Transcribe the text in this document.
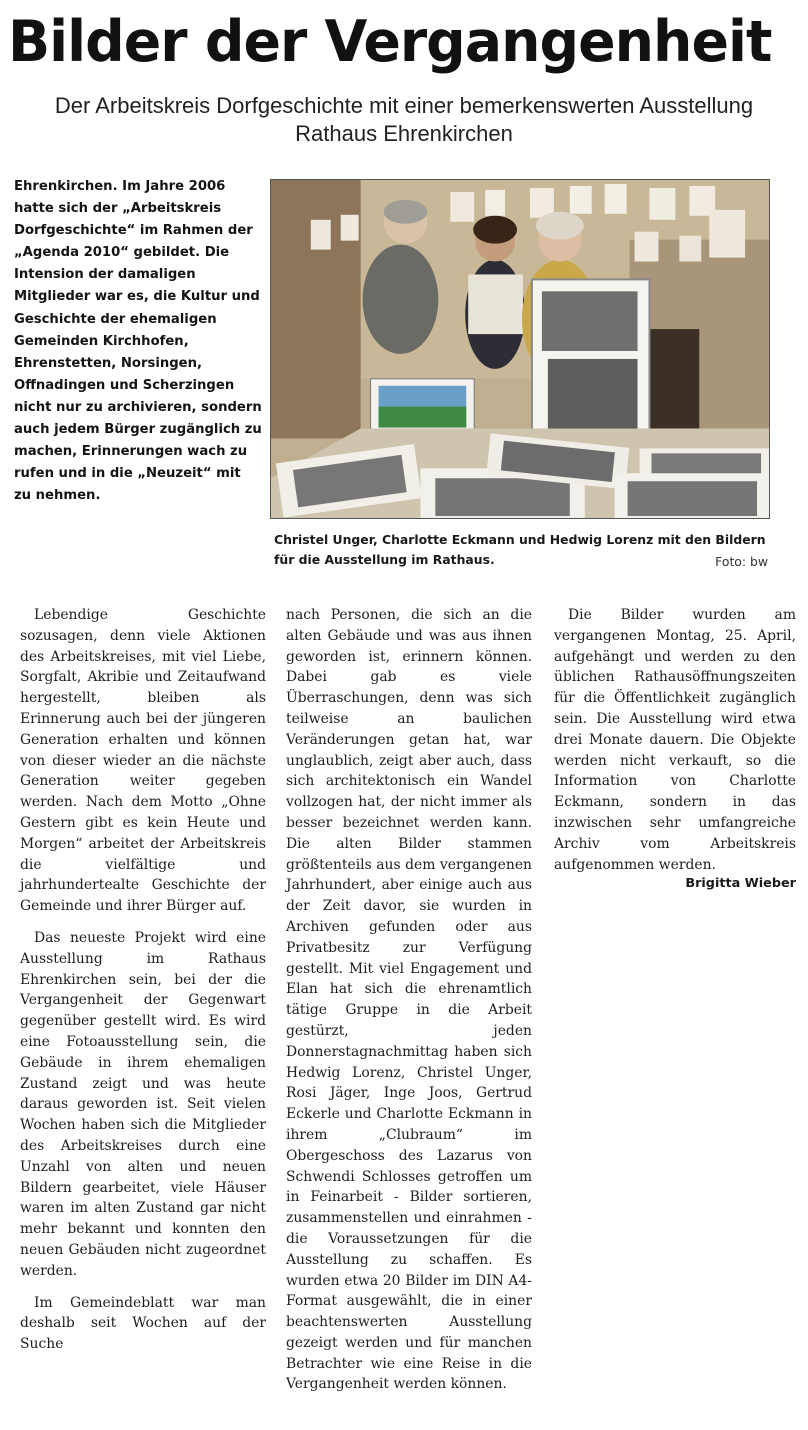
Bilder der Vergangenheit
Der Arbeitskreis Dorfgeschichte mit einer bemerkenswerten Ausstellung
Rathaus Ehrenkirchen

Ehrenkirchen. Im Jahre 2006 hatte sich der „Arbeitskreis Dorfgeschichte“ im Rahmen der „Agenda 2010“ gebildet. Die Intension der damaligen Mitglieder war es, die Kultur und Geschichte der ehemaligen Gemeinden Kirchhofen, Ehrenstetten, Norsingen, Offnadingen und Scherzingen nicht nur zu archivieren, sondern auch jedem Bürger zugänglich zu machen, Erinnerungen wach zu rufen und in die „Neuzeit“ mit zu nehmen.

Christel Unger, Charlotte Eckmann und Hedwig Lorenz mit den Bildern für die Ausstellung im Rathaus.	Foto: bw

Lebendige Geschichte sozusagen, denn viele Aktionen des Arbeitskreises, mit viel Liebe, Sorgfalt, Akribie und Zeitaufwand hergestellt, bleiben als Erinnerung auch bei der jüngeren Generation erhalten und können von dieser wieder an die nächste Generation weiter gegeben werden. Nach dem Motto „Ohne Gestern gibt es kein Heute und Morgen“ arbeitet der Arbeitskreis die vielfältige und jahrhundertealte Geschichte der Gemeinde und ihrer Bürger auf.

Das neueste Projekt wird eine Ausstellung im Rathaus Ehrenkirchen sein, bei der die Vergangenheit der Gegenwart gegenüber gestellt wird. Es wird eine Fotoausstellung sein, die Gebäude in ihrem ehemaligen Zustand zeigt und was heute daraus geworden ist. Seit vielen Wochen haben sich die Mitglieder des Arbeitskreises durch eine Unzahl von alten und neuen Bildern gearbeitet, viele Häuser waren im alten Zustand gar nicht mehr bekannt und konnten den neuen Gebäuden nicht zugeordnet werden.

Im Gemeindeblatt war man deshalb seit Wochen auf der Suche

nach Personen, die sich an die alten Gebäude und was aus ihnen geworden ist, erinnern können. Dabei gab es viele Überraschungen, denn was sich teilweise an baulichen Veränderungen getan hat, war unglaublich, zeigt aber auch, dass sich architektonisch ein Wandel vollzogen hat, der nicht immer als besser bezeichnet werden kann. Die alten Bilder stammen größtenteils aus dem vergangenen Jahrhundert, aber einige auch aus der Zeit davor, sie wurden in Archiven gefunden oder aus Privatbesitz zur Verfügung gestellt. Mit viel Engagement und Elan hat sich die ehrenamtlich tätige Gruppe in die Arbeit gestürzt, jeden Donnerstagnachmittag haben sich Hedwig Lorenz, Christel Unger, Rosi Jäger, Inge Joos, Gertrud Eckerle und Charlotte Eckmann in ihrem „Clubraum“ im Obergeschoss des Lazarus von Schwendi Schlosses getroffen um in Feinarbeit - Bilder sortieren, zusammenstellen und einrahmen - die Voraussetzungen für die Ausstellung zu schaffen. Es wurden etwa 20 Bilder im DIN A4-Format ausgewählt, die in einer beachtenswerten Ausstellung gezeigt werden und für manchen Betrachter wie eine Reise in die Vergangenheit werden können.

Die Bilder wurden am vergangenen Montag, 25. April, aufgehängt und werden zu den üblichen Rathausöffnungszeiten für die Öffentlichkeit zugänglich sein. Die Ausstellung wird etwa drei Monate dauern. Die Objekte werden nicht verkauft, so die Information von Charlotte Eckmann, sondern in das inzwischen sehr umfangreiche Archiv vom Arbeitskreis aufgenommen werden.

Brigitta Wieber
